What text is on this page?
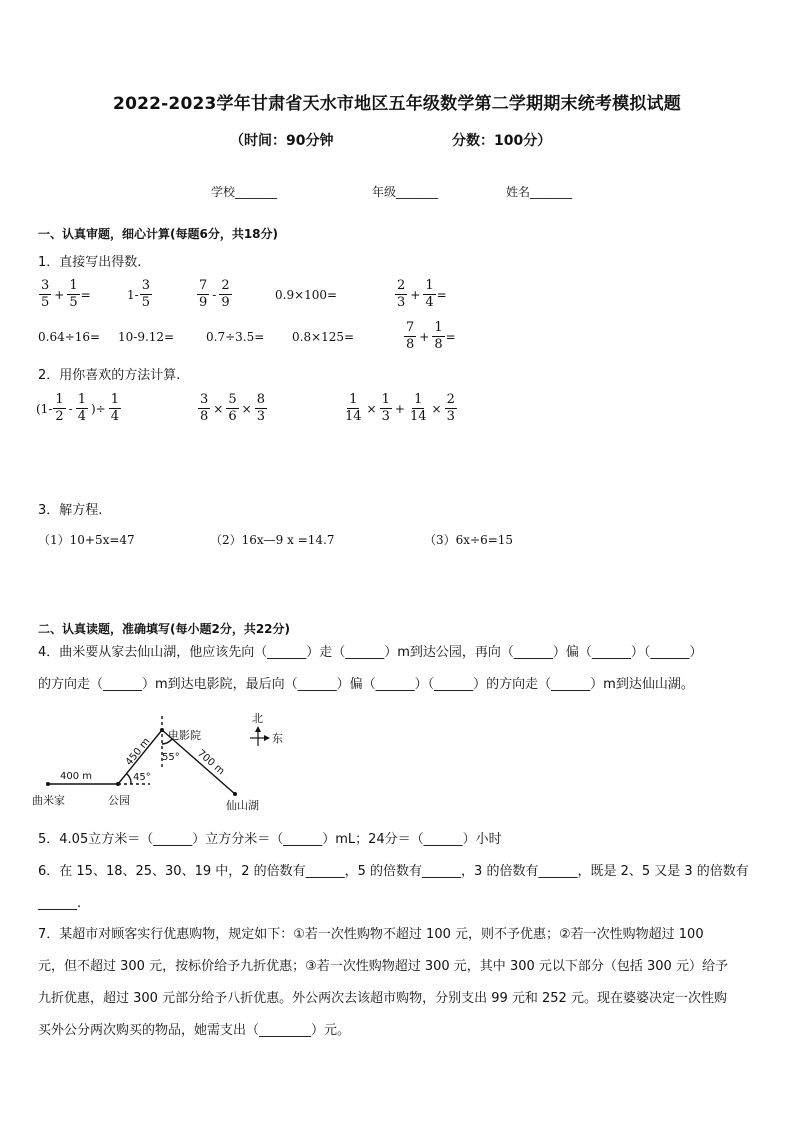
2022-2023学年甘肃省天水市地区五年级数学第二学期期末统考模拟试题
（时间：90分钟	分数：100分）
学校_______	年级_______	姓名_______
一、认真审题，细心计算(每题6分，共18分)
1．直接写出得数.
$\frac{3}{5} + \frac{1}{5}$ =	$1- \frac{3}{5}$	$\frac{7}{9} - \frac{2}{9}$	0.9×100=	$\frac{2}{3} + \frac{1}{4}$ =
0.64÷16= 10-9.12=	0.7÷3.5= 0.8×125=	$\frac{7}{8} + \frac{1}{8}$ =
2．用你喜欢的方法计算.
($1- \frac{1}{2} - \frac{1}{4}$ )÷ $\frac{1}{4}$	$\frac{3}{8} \times \frac{5}{6} \times \frac{8}{3}$	$\frac{1}{14} \times \frac{1}{3} + \frac{1}{14} \times \frac{2}{3}$
3．解方程.
（1）10+5x=47	（2）16x—9 x =14.7	（3）6x÷6=15
二、认真读题，准确填写(每小题2分，共22分)
4．曲米要从家去仙山湖，他应该先向（______）走（______）m到达公园，再向（______）偏（______）（______）
的方向走（______）m到达电影院，最后向（______）偏（______）（______）的方向走（______）m到达仙山湖。
曲米家	公园
电影院
仙山湖
400 m
450 m	700 m
45°
55°
北
东
5．4.05立方米＝（______）立方分米＝（______）mL；24分＝（______）小时
6．在 15、18、25、30、19 中，2 的倍数有______，5 的倍数有______，3 的倍数有______，既是 2、5 又是 3 的倍数有
______.
7．某超市对顾客实行优惠购物，规定如下：①若一次性购物不超过 100 元，则不予优惠；②若一次性购物超过 100
元，但不超过 300 元，按标价给予九折优惠；③若一次性购物超过 300 元，其中 300 元以下部分（包括 300 元）给予
九折优惠，超过 300 元部分给予八折优惠。外公两次去该超市购物，分别支出 99 元和 252 元。现在婆婆决定一次性购
买外公分两次购买的物品，她需支出（________）元。
